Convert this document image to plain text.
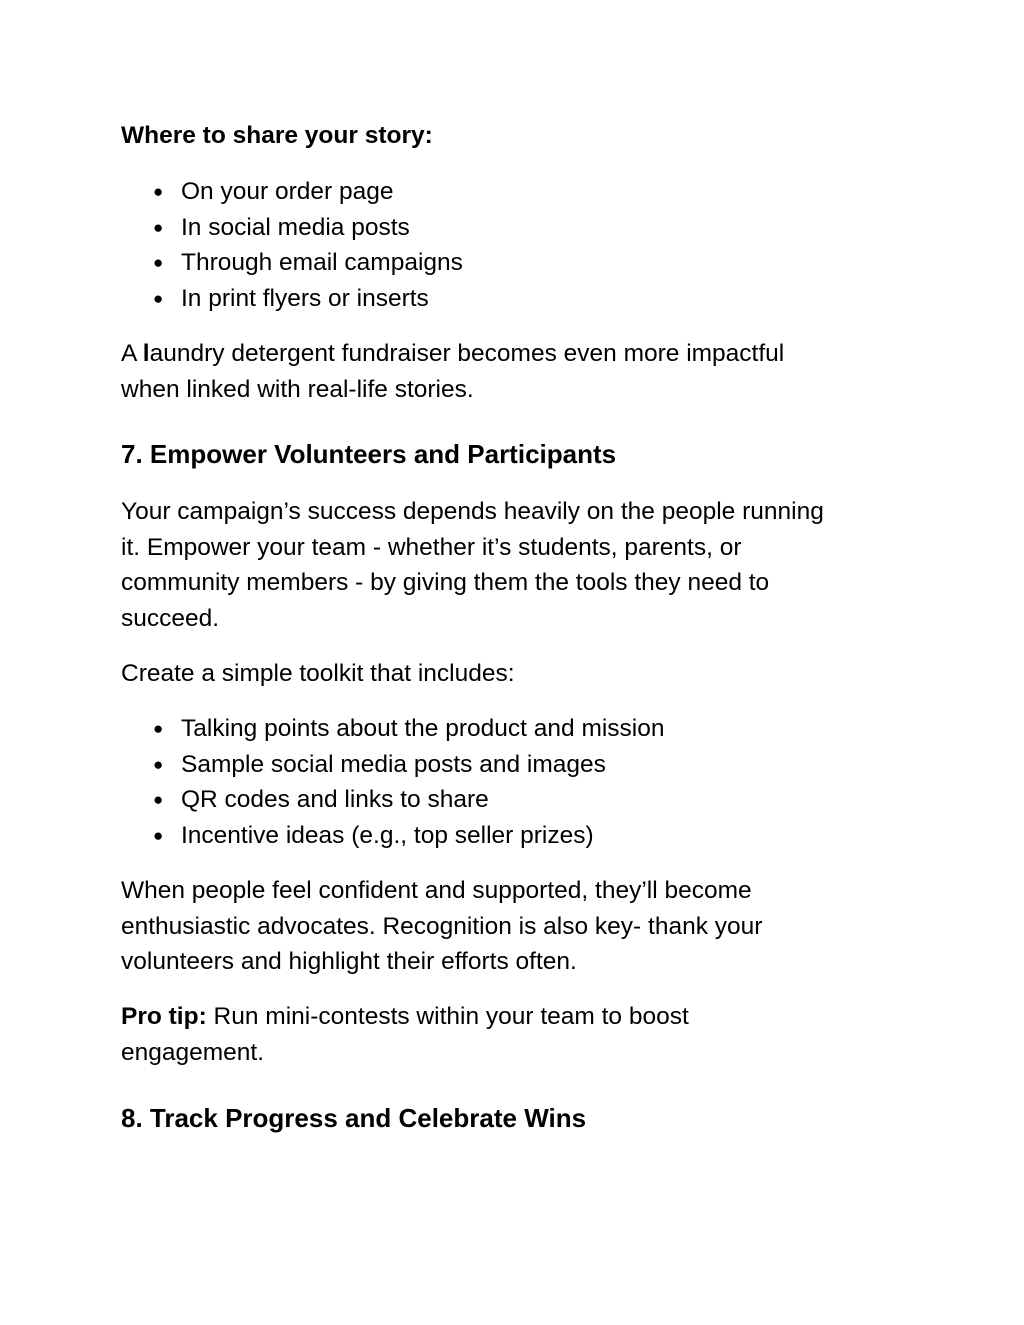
Where to share your story:

● On your order page
● In social media posts
● Through email campaigns
● In print flyers or inserts
A laundry detergent fundraiser becomes even more impactful
when linked with real-life stories.

7. Empower Volunteers and Participants

Your campaign’s success depends heavily on the people running
it. Empower your team - whether it’s students, parents, or
community members - by giving them the tools they need to
succeed.

Create a simple toolkit that includes:

● Talking points about the product and mission
● Sample social media posts and images
● QR codes and links to share
● Incentive ideas (e.g., top seller prizes)
When people feel confident and supported, they’ll become
enthusiastic advocates. Recognition is also key- thank your
volunteers and highlight their efforts often.
Pro tip: Run mini-contests within your team to boost
engagement.

8. Track Progress and Celebrate Wins
